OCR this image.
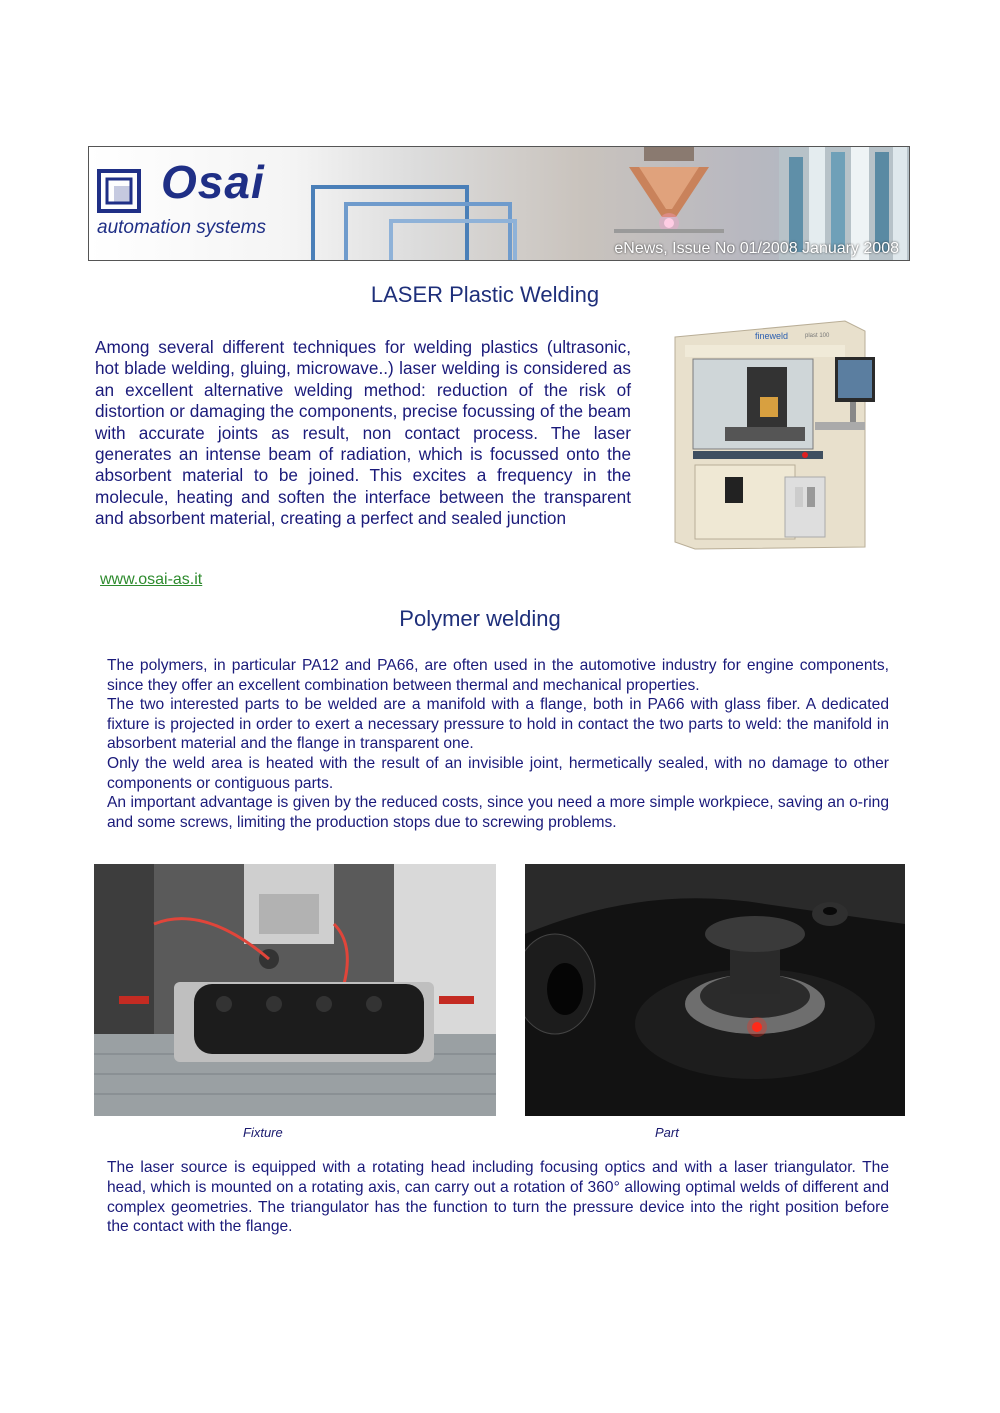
Osai
automation systems
eNews, Issue No 01/2008 January 2008
LASER Plastic Welding
Among several different techniques for welding plastics (ultrasonic, hot blade welding, gluing, microwave..) laser welding is considered as an excellent alternative welding method: reduction of the risk of distortion or damaging the components, precise focussing of the beam with accurate joints as result, non contact process. The laser generates an intense beam of radiation, which is focussed onto the absorbent material to be joined. This excites a frequency in the molecule, heating and soften the interface between the transparent and absorbent material, creating a perfect and sealed junction
www.osai-as.it
fineweld	plast 100
Polymer welding

The polymers, in particular PA12 and PA66, are often used in the automotive industry for engine components, since they offer an excellent combination between thermal and mechanical properties.

The two interested parts to be welded are a manifold with a flange, both in PA66 with glass fiber. A dedicated fixture is projected in order to exert a necessary pressure to hold in contact the two parts to weld: the manifold in absorbent material and the flange in transparent one.

Only the weld area is heated with the result of an invisible joint, hermetically sealed, with no damage to other components or contiguous parts.

An important advantage is given by the reduced costs, since you need a more simple workpiece, saving an o-ring and some screws, limiting the production stops due to screwing problems.

Fixture	Part
The laser source is equipped with a rotating head including focusing optics and with a laser triangulator. The head, which is mounted on a rotating axis, can carry out a rotation of 360° allowing optimal welds of different and complex geometries. The triangulator has the function to turn the pressure device into the right position before the contact with the flange.
